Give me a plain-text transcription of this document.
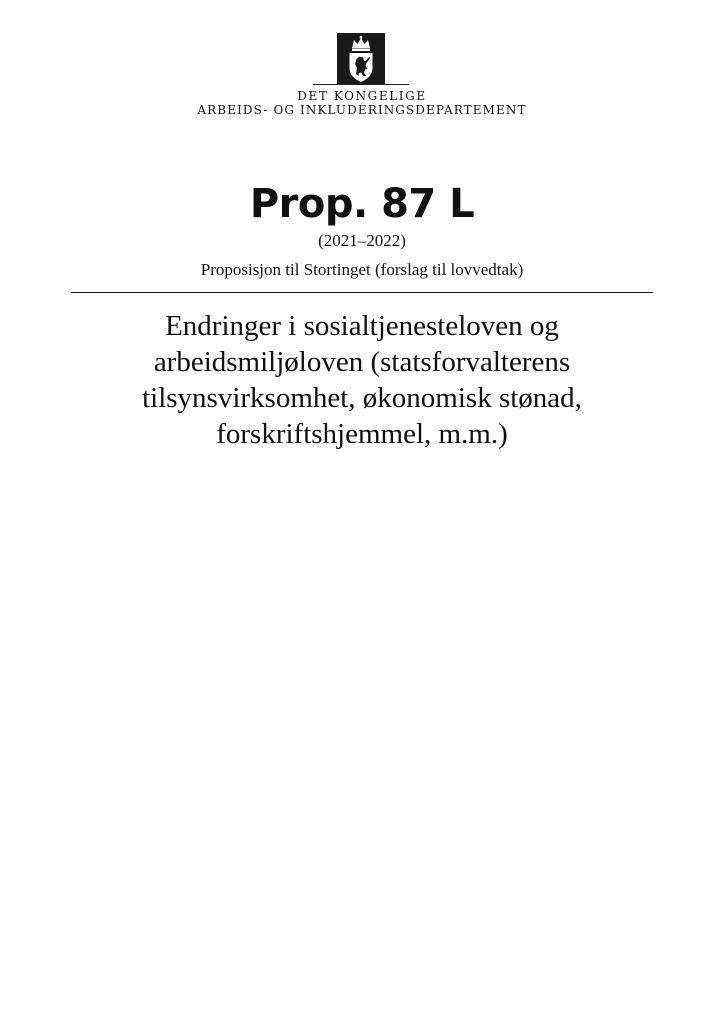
DET KONGELIGE
ARBEIDS- OG INKLUDERINGSDEPARTEMENT
Prop. 87 L
(2021–2022)
Proposisjon til Stortinget (forslag til lovvedtak)
Endringer i sosialtjenesteloven og
arbeidsmiljøloven (statsforvalterens
tilsynsvirksomhet, økonomisk stønad,
forskriftshjemmel, m.m.)
